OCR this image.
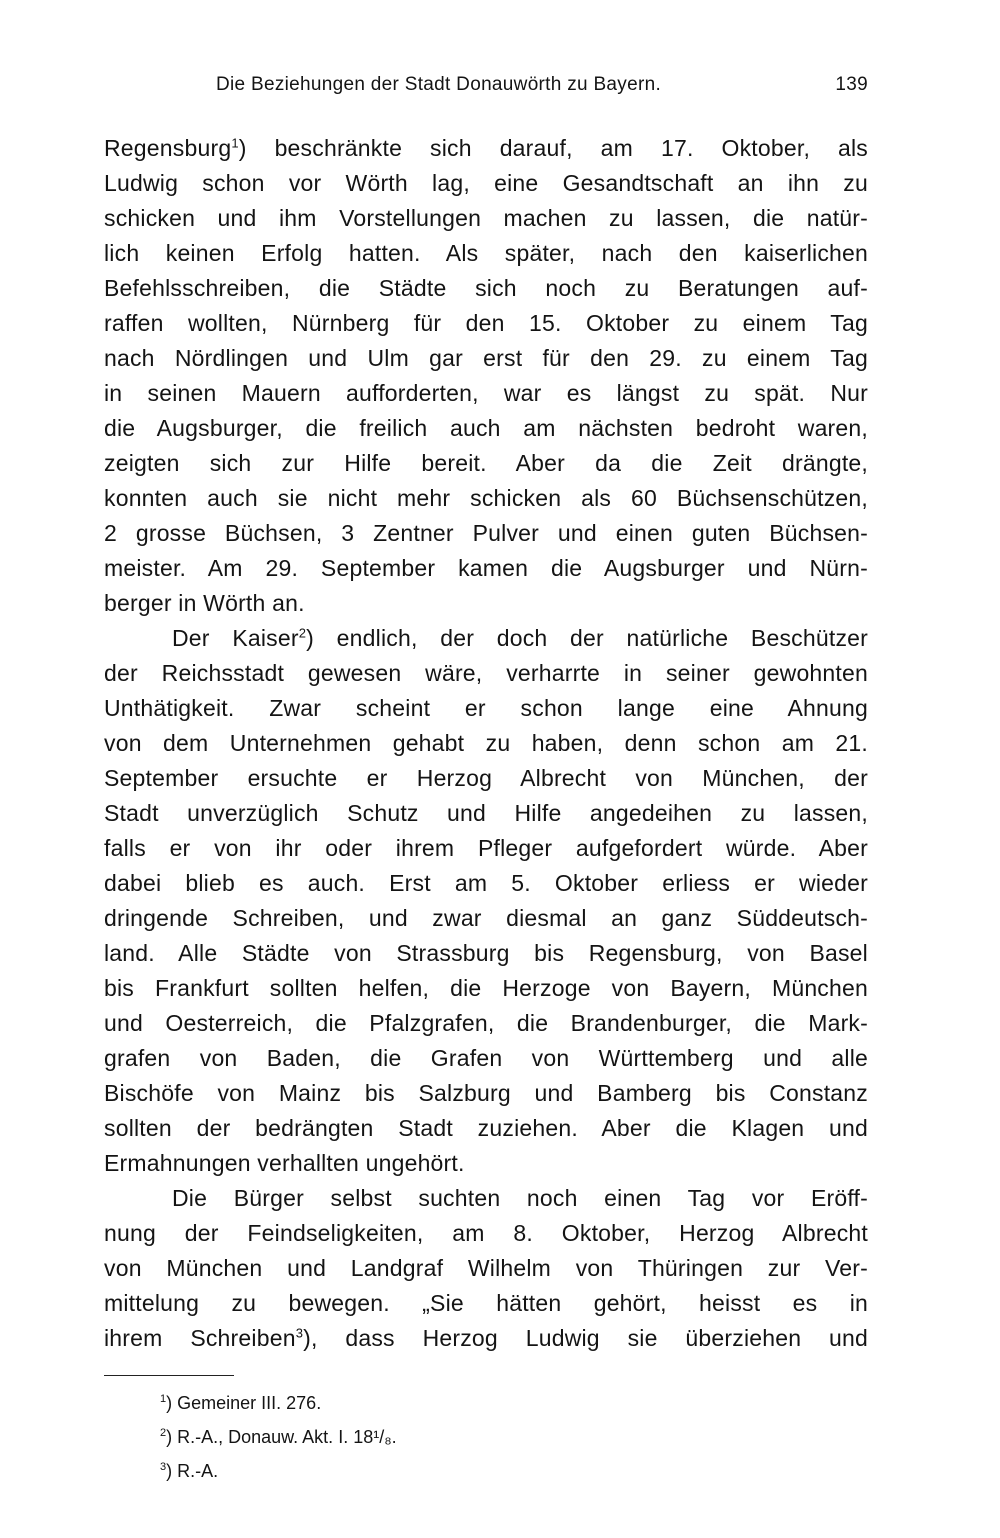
Die Beziehungen der Stadt Donauwörth zu Bayern.	139
Regensburg$^1$) beschränkte sich darauf, am 17. Oktober, als
Ludwig schon vor Wörth lag, eine Gesandtschaft an ihn zu
schicken und ihm Vorstellungen machen zu lassen, die natür-
lich keinen Erfolg hatten. Als später, nach den kaiserlichen
Befehlsschreiben, die Städte sich noch zu Beratungen auf-
raffen wollten, Nürnberg für den 15. Oktober zu einem Tag
nach Nördlingen und Ulm gar erst für den 29. zu einem Tag
in seinen Mauern aufforderten, war es längst zu spät. Nur
die Augsburger, die freilich auch am nächsten bedroht waren,
zeigten sich zur Hilfe bereit. Aber da die Zeit drängte,
konnten auch sie nicht mehr schicken als 60 Büchsenschützen,
2 grosse Büchsen, 3 Zentner Pulver und einen guten Büchsen-
meister. Am 29. September kamen die Augsburger und Nürn-
berger in Wörth an.
Der Kaiser$^2$) endlich, der doch der natürliche Beschützer
der Reichsstadt gewesen wäre, verharrte in seiner gewohnten
Unthätigkeit. Zwar scheint er schon lange eine Ahnung
von dem Unternehmen gehabt zu haben, denn schon am 21.
September ersuchte er Herzog Albrecht von München, der
Stadt unverzüglich Schutz und Hilfe angedeihen zu lassen,
falls er von ihr oder ihrem Pfleger aufgefordert würde. Aber
dabei blieb es auch. Erst am 5. Oktober erliess er wieder
dringende Schreiben, und zwar diesmal an ganz Süddeutsch-
land. Alle Städte von Strassburg bis Regensburg, von Basel
bis Frankfurt sollten helfen, die Herzoge von Bayern, München
und Oesterreich, die Pfalzgrafen, die Brandenburger, die Mark-
grafen von Baden, die Grafen von Württemberg und alle
Bischöfe von Mainz bis Salzburg und Bamberg bis Constanz
sollten der bedrängten Stadt zuziehen. Aber die Klagen und
Ermahnungen verhallten ungehört.
Die Bürger selbst suchten noch einen Tag vor Eröff-
nung der Feindseligkeiten, am 8. Oktober, Herzog Albrecht
von München und Landgraf Wilhelm von Thüringen zur Ver-
mittelung zu bewegen. „Sie hätten gehört, heisst es in
ihrem Schreiben$^3$), dass Herzog Ludwig sie überziehen und
$^1$) Gemeiner III. 276.
$^2$) R.-A., Donauw. Akt. I. 18¹/₈.
$^3$) R.-A.
